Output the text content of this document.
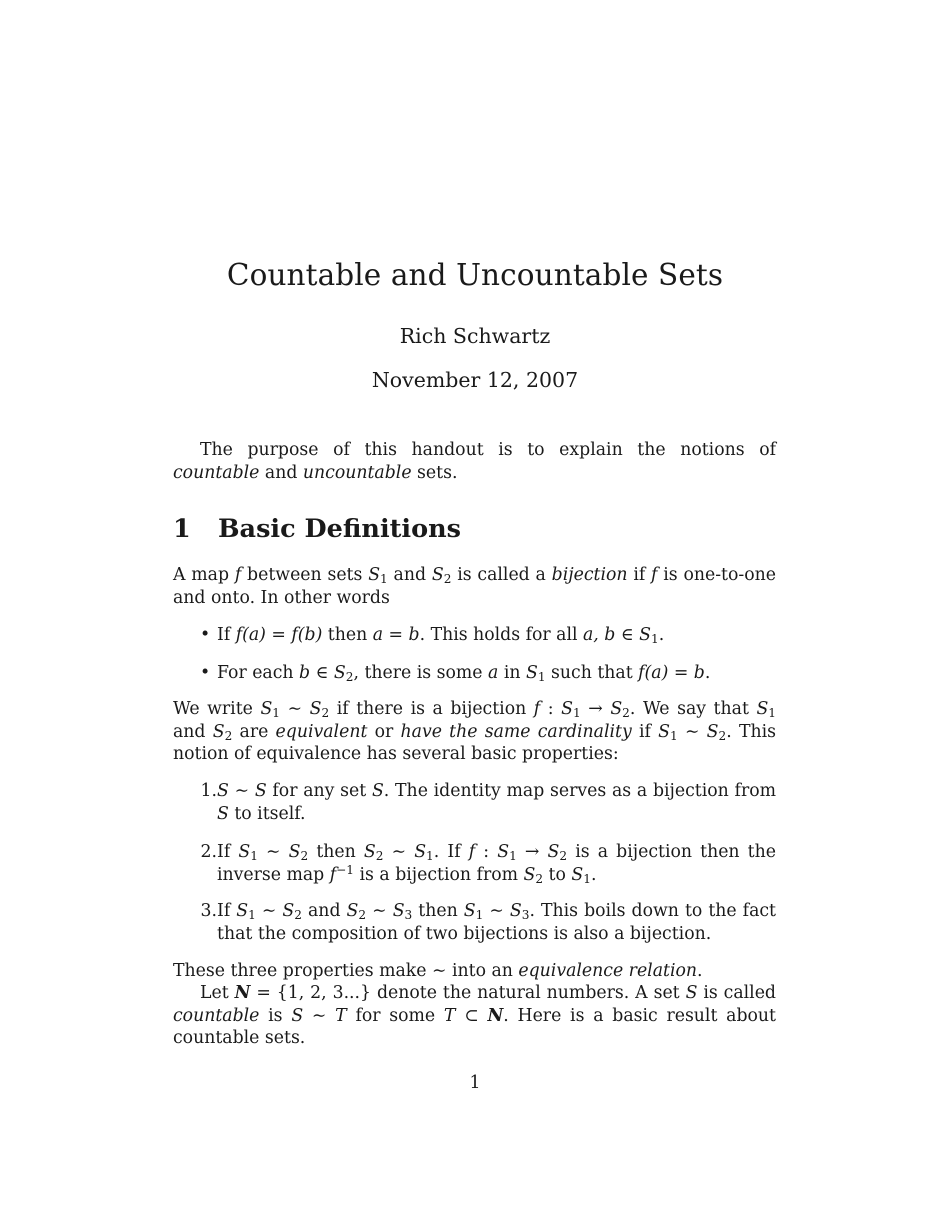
Countable and Uncountable Sets
Rich Schwartz
November 12, 2007
The purpose of this handout is to explain the notions of countable and uncountable sets.
1 Basic Definitions
A map f between sets $S_1$ and $S_2$ is called a bijection if f is one-to-one and onto. In other words
• If f(a) = f(b) then a = b. This holds for all a, b ∈ $S_1$.
• For each b ∈ $S_2$, there is some a in $S_1$ such that f(a) = b.
We write $S_1$ ∼ $S_2$ if there is a bijection f : $S_1 \to S_2$. We say that $S_1$ and $S_2$ are equivalent or have the same cardinality if $S_1$ ∼ $S_2$. This notion of equivalence has several basic properties:
1. S ∼ S for any set S. The identity map serves as a bijection from S to itself.
2. If $S_1$ ∼ $S_2$ then $S_2$ ∼ $S_1$. If f : $S_1 \to S_2$ is a bijection then the inverse map $f^{-1}$ is a bijection from $S_2$ to $S_1$.
3. If $S_1$ ∼ $S_2$ and $S_2$ ∼ $S_3$ then $S_1$ ∼ $S_3$. This boils down to the fact that the composition of two bijections is also a bijection.
These three properties make ∼ into an equivalence relation.
Let N = {1, 2, 3...} denote the natural numbers. A set S is called countable is S ∼ T for some T ⊂ N. Here is a basic result about countable sets.
1
